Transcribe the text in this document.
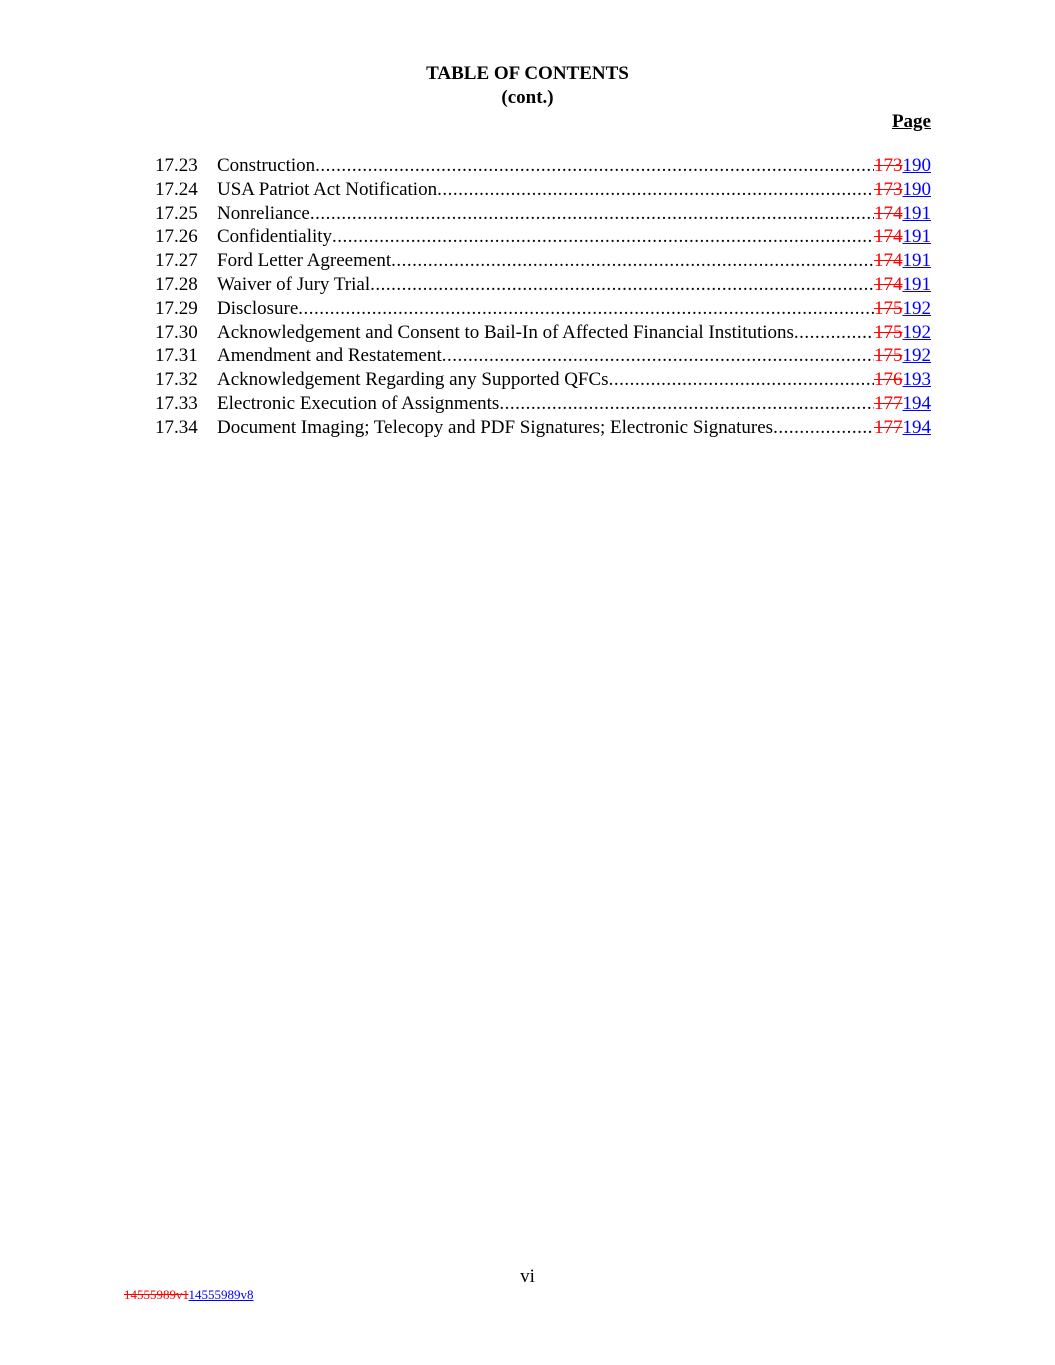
TABLE OF CONTENTS
(cont.)
Page
17.23	Construction .....	173190
17.24	USA Patriot Act Notification .....	173190
17.25	Nonreliance .....	174191
17.26	Confidentiality .....	174191
17.27	Ford Letter Agreement .....	174191
17.28	Waiver of Jury Trial .....	174191
17.29	Disclosure .....	175192
17.30	Acknowledgement and Consent to Bail-In of Affected Financial Institutions .....	175192
17.31	Amendment and Restatement .....	175192
17.32	Acknowledgement Regarding any Supported QFCs .....	176193
17.33	Electronic Execution of Assignments .....	177194
17.34	Document Imaging; Telecopy and PDF Signatures; Electronic Signatures .....	177194
vi
14555989v114555989v8
